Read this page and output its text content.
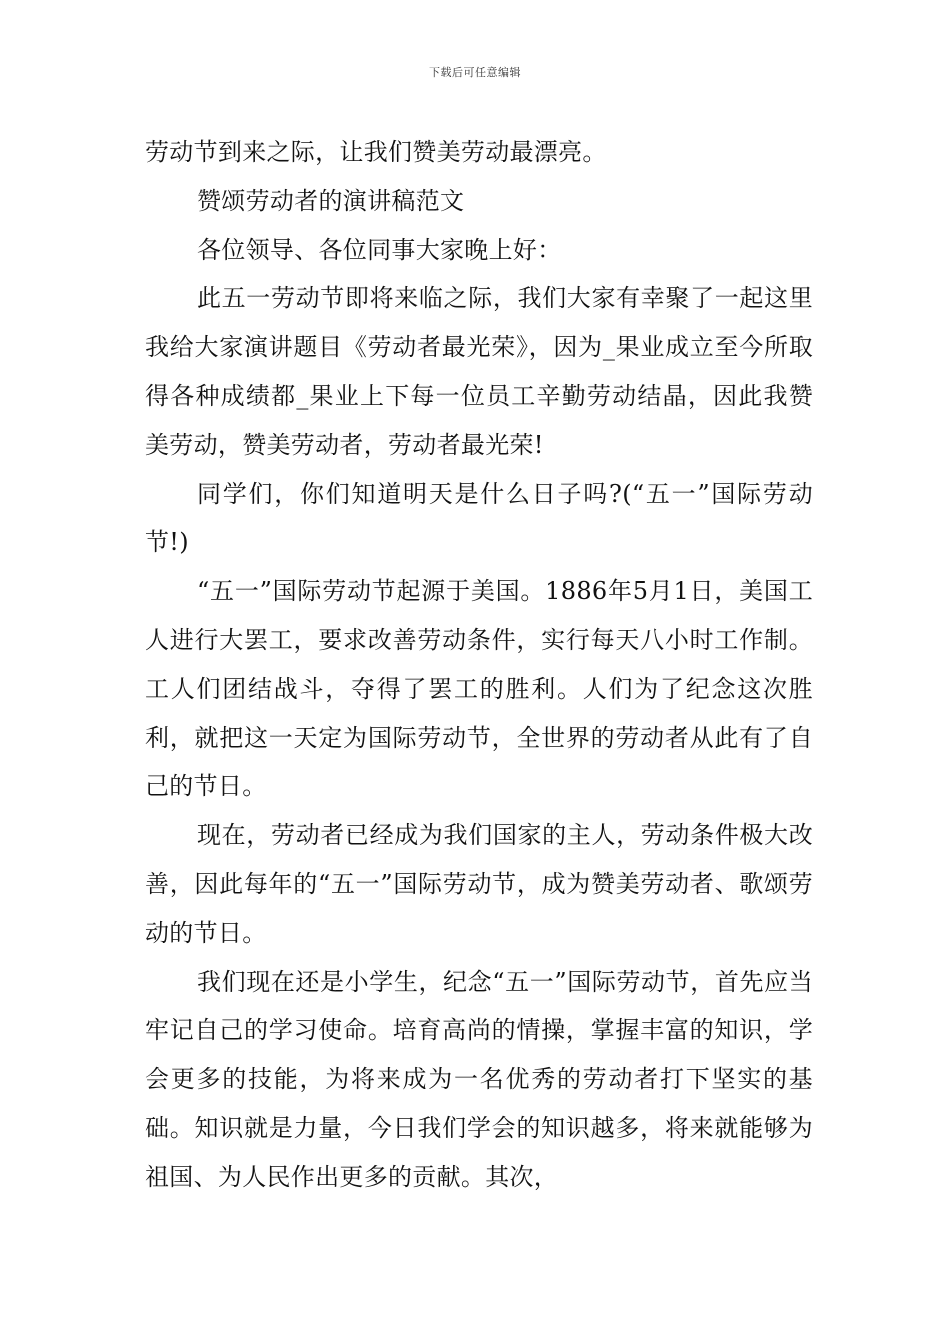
下载后可任意编辑

劳动节到来之际，让我们赞美劳动最漂亮。

赞颂劳动者的演讲稿范文

各位领导、各位同事大家晚上好：

此五一劳动节即将来临之际，我们大家有幸聚了一起这里我给大家演讲题目《劳动者最光荣》，因为_果业成立至今所取得各种成绩都_果业上下每一位员工辛勤劳动结晶，因此我赞美劳动，赞美劳动者，劳动者最光荣!

同学们，你们知道明天是什么日子吗?(“五一”国际劳动节!)

“五一”国际劳动节起源于美国。1886年5月1日，美国工人进行大罢工，要求改善劳动条件，实行每天八小时工作制。工人们团结战斗，夺得了罢工的胜利。人们为了纪念这次胜利，就把这一天定为国际劳动节，全世界的劳动者从此有了自己的节日。

现在，劳动者已经成为我们国家的主人，劳动条件极大改善，因此每年的“五一”国际劳动节，成为赞美劳动者、歌颂劳动的节日。

我们现在还是小学生，纪念“五一”国际劳动节，首先应当牢记自己的学习使命。培育高尚的情操，掌握丰富的知识，学会更多的技能，为将来成为一名优秀的劳动者打下坚实的基础。知识就是力量，今日我们学会的知识越多，将来就能够为祖国、为人民作出更多的贡献。其次，
